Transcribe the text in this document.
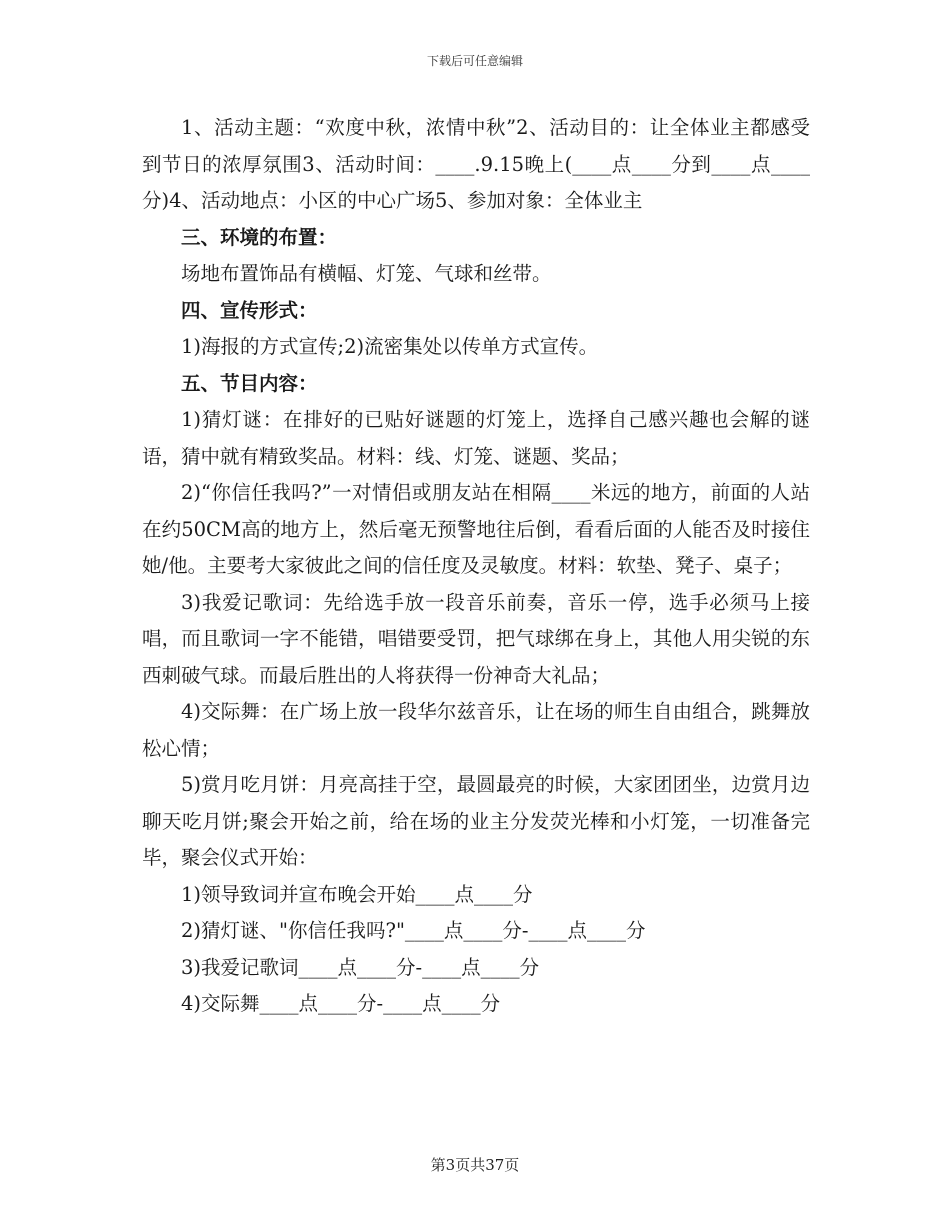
下载后可任意编辑

1、活动主题：“欢度中秋，浓情中秋”2、活动目的：让全体业主都感受到节日的浓厚氛围3、活动时间：____.9.15晚上(____点____分到____点____分)4、活动地点：小区的中心广场5、参加对象：全体业主

三、环境的布置：

场地布置饰品有横幅、灯笼、气球和丝带。

四、宣传形式：

1)海报的方式宣传;2)流密集处以传单方式宣传。

五、节目内容：

1)猜灯谜：在排好的已贴好谜题的灯笼上，选择自己感兴趣也会解的谜语，猜中就有精致奖品。材料：线、灯笼、谜题、奖品；

2)“你信任我吗?”一对情侣或朋友站在相隔____米远的地方，前面的人站在约50CM高的地方上，然后毫无预警地往后倒，看看后面的人能否及时接住她/他。主要考大家彼此之间的信任度及灵敏度。材料：软垫、凳子、桌子；

3)我爱记歌词：先给选手放一段音乐前奏，音乐一停，选手必须马上接唱，而且歌词一字不能错，唱错要受罚，把气球绑在身上，其他人用尖锐的东西刺破气球。而最后胜出的人将获得一份神奇大礼品；

4)交际舞：在广场上放一段华尔兹音乐，让在场的师生自由组合，跳舞放松心情；

5)赏月吃月饼：月亮高挂于空，最圆最亮的时候，大家团团坐，边赏月边聊天吃月饼;聚会开始之前，给在场的业主分发荧光棒和小灯笼，一切准备完毕，聚会仪式开始：

1)领导致词并宣布晚会开始____点____分

2)猜灯谜、"你信任我吗?"____点____分-____点____分

3)我爱记歌词____点____分-____点____分

4)交际舞____点____分-____点____分

第3页共37页
